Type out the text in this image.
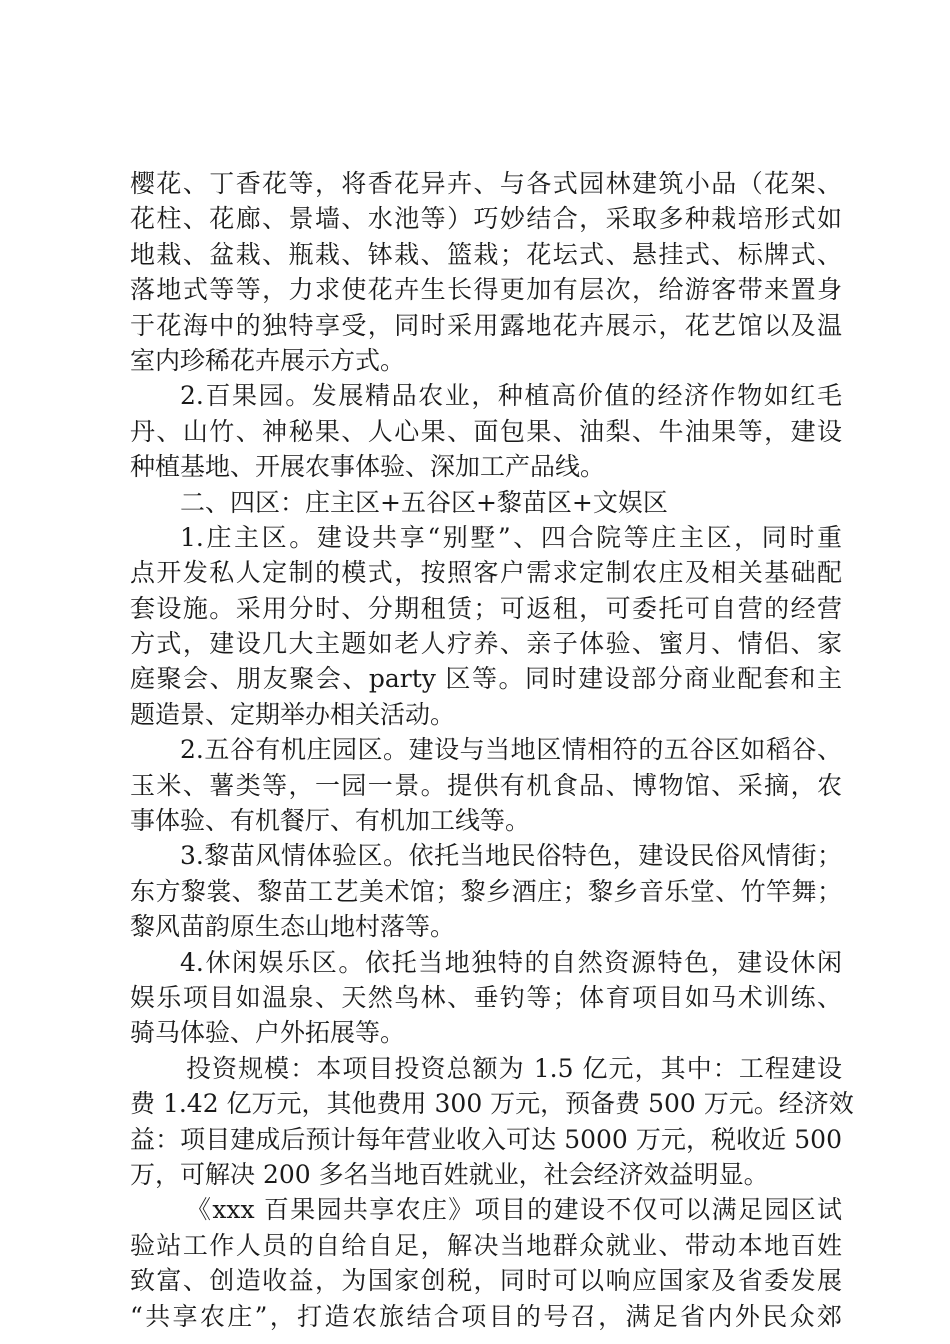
樱花、丁香花等，将香花异卉、与各式园林建筑小品（花架、
花柱、花廊、景墙、水池等）巧妙结合，采取多种栽培形式如
地栽、盆栽、瓶栽、钵栽、篮栽；花坛式、悬挂式、标牌式、
落地式等等，力求使花卉生长得更加有层次，给游客带来置身
于花海中的独特享受，同时采用露地花卉展示，花艺馆以及温
室内珍稀花卉展示方式。
2.百果园。发展精品农业，种植高价值的经济作物如红毛
丹、山竹、神秘果、人心果、面包果、油梨、牛油果等，建设
种植基地、开展农事体验、深加工产品线。
二、四区：庄主区+五谷区+黎苗区+文娱区
1.庄主区。建设共享“别墅”、四合院等庄主区，同时重
点开发私人定制的模式，按照客户需求定制农庄及相关基础配
套设施。采用分时、分期租赁；可返租，可委托可自营的经营
方式，建设几大主题如老人疗养、亲子体验、蜜月、情侣、家
庭聚会、朋友聚会、party 区等。同时建设部分商业配套和主
题造景、定期举办相关活动。
2.五谷有机庄园区。建设与当地区情相符的五谷区如稻谷、
玉米、薯类等，一园一景。提供有机食品、博物馆、采摘，农
事体验、有机餐厅、有机加工线等。
3.黎苗风情体验区。依托当地民俗特色，建设民俗风情街；
东方黎裳、黎苗工艺美术馆；黎乡酒庄；黎乡音乐堂、竹竿舞；
黎风苗韵原生态山地村落等。
4.休闲娱乐区。依托当地独特的自然资源特色，建设休闲
娱乐项目如温泉、天然鸟林、垂钓等；体育项目如马术训练、
骑马体验、户外拓展等。
投资规模：本项目投资总额为 1.5 亿元，其中：工程建设
费 1.42 亿万元，其他费用 300 万元，预备费 500 万元。经济效
益：项目建成后预计每年营业收入可达 5000 万元，税收近 500
万，可解决 200 多名当地百姓就业，社会经济效益明显。
《xxx 百果园共享农庄》项目的建设不仅可以满足园区试
验站工作人员的自给自足，解决当地群众就业、带动本地百姓
致富、创造收益，为国家创税，同时可以响应国家及省委发展
“共享农庄”，打造农旅结合项目的号召，满足省内外民众郊
